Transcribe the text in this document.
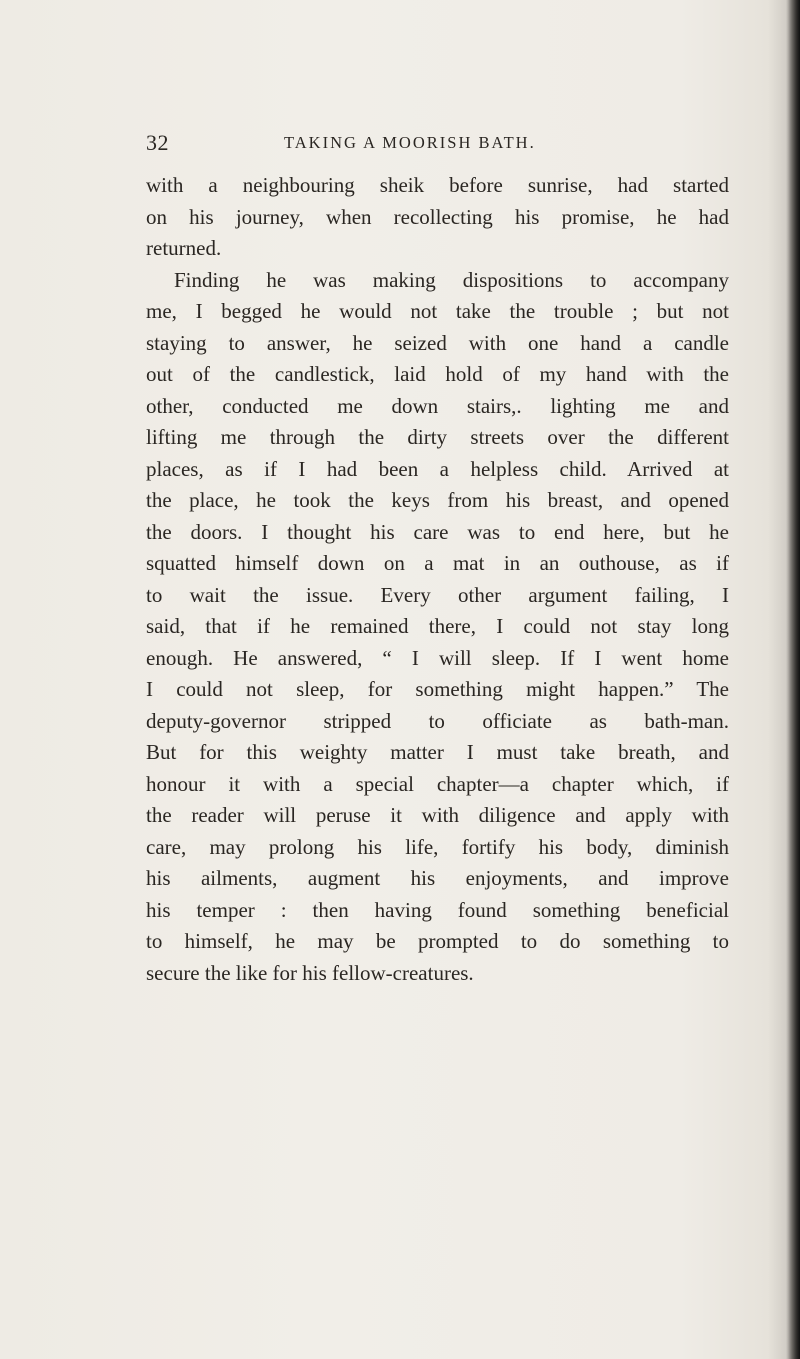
32	TAKING A MOORISH BATH.
with a neighbouring sheik before sunrise, had started
on his journey, when recollecting his promise, he had
returned.
Finding he was making dispositions to accompany
me, I begged he would not take the trouble ; but not
staying to answer, he seized with one hand a candle
out of the candlestick, laid hold of my hand with the
other, conducted me down stairs,. lighting me and
lifting me through the dirty streets over the different
places, as if I had been a helpless child. Arrived at
the place, he took the keys from his breast, and opened
the doors. I thought his care was to end here, but he
squatted himself down on a mat in an outhouse, as if
to wait the issue. Every other argument failing, I
said, that if he remained there, I could not stay long
enough. He answered, “ I will sleep. If I went home
I could not sleep, for something might happen.” The
deputy-governor stripped to officiate as bath-man.
But for this weighty matter I must take breath, and
honour it with a special chapter—a chapter which, if
the reader will peruse it with diligence and apply with
care, may prolong his life, fortify his body, diminish
his ailments, augment his enjoyments, and improve
his temper : then having found something beneficial
to himself, he may be prompted to do something to
secure the like for his fellow-creatures.
